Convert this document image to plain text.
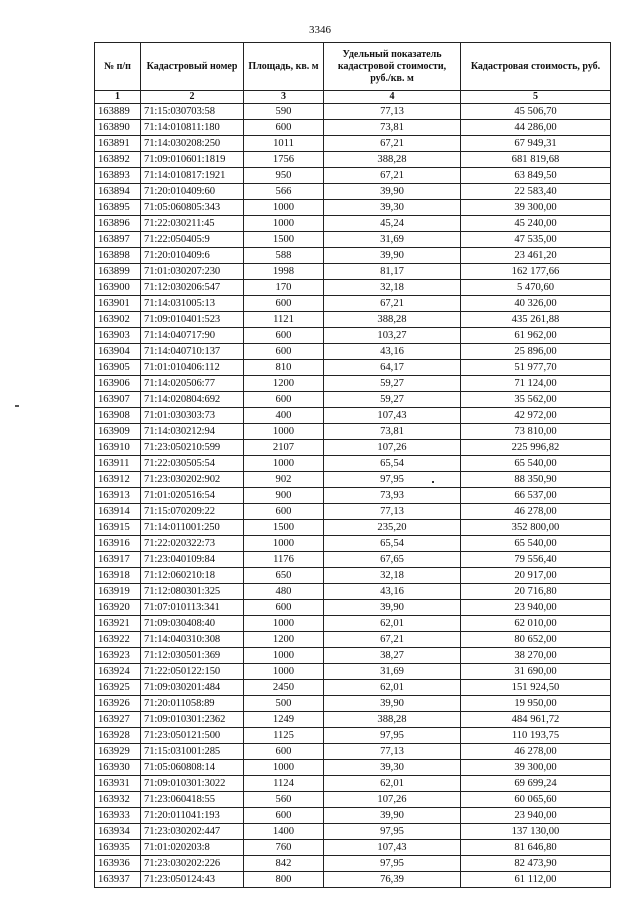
3346
№ п/п	Кадастровый номер	Площадь, кв. м	Удельный показатель кадастровой стоимости, руб./кв. м	Кадастровая стоимость, руб.
1	2	3	4	5
163889	71:15:030703:58	590	77,13	45 506,70
163890	71:14:010811:180	600	73,81	44 286,00
163891	71:14:030208:250	1011	67,21	67 949,31
163892	71:09:010601:1819	1756	388,28	681 819,68
163893	71:14:010817:1921	950	67,21	63 849,50
163894	71:20:010409:60	566	39,90	22 583,40
163895	71:05:060805:343	1000	39,30	39 300,00
163896	71:22:030211:45	1000	45,24	45 240,00
163897	71:22:050405:9	1500	31,69	47 535,00
163898	71:20:010409:6	588	39,90	23 461,20
163899	71:01:030207:230	1998	81,17	162 177,66
163900	71:12:030206:547	170	32,18	5 470,60
163901	71:14:031005:13	600	67,21	40 326,00
163902	71:09:010401:523	1121	388,28	435 261,88
163903	71:14:040717:90	600	103,27	61 962,00
163904	71:14:040710:137	600	43,16	25 896,00
163905	71:01:010406:112	810	64,17	51 977,70
163906	71:14:020506:77	1200	59,27	71 124,00
163907	71:14:020804:692	600	59,27	35 562,00
163908	71:01:030303:73	400	107,43	42 972,00
163909	71:14:030212:94	1000	73,81	73 810,00
163910	71:23:050210:599	2107	107,26	225 996,82
163911	71:22:030505:54	1000	65,54	65 540,00
163912	71:23:030202:902	902	97,95	88 350,90
163913	71:01:020516:54	900	73,93	66 537,00
163914	71:15:070209:22	600	77,13	46 278,00
163915	71:14:011001:250	1500	235,20	352 800,00
163916	71:22:020322:73	1000	65,54	65 540,00
163917	71:23:040109:84	1176	67,65	79 556,40
163918	71:12:060210:18	650	32,18	20 917,00
163919	71:12:080301:325	480	43,16	20 716,80
163920	71:07:010113:341	600	39,90	23 940,00
163921	71:09:030408:40	1000	62,01	62 010,00
163922	71:14:040310:308	1200	67,21	80 652,00
163923	71:12:030501:369	1000	38,27	38 270,00
163924	71:22:050122:150	1000	31,69	31 690,00
163925	71:09:030201:484	2450	62,01	151 924,50
163926	71:20:011058:89	500	39,90	19 950,00
163927	71:09:010301:2362	1249	388,28	484 961,72
163928	71:23:050121:500	1125	97,95	110 193,75
163929	71:15:031001:285	600	77,13	46 278,00
163930	71:05:060808:14	1000	39,30	39 300,00
163931	71:09:010301:3022	1124	62,01	69 699,24
163932	71:23:060418:55	560	107,26	60 065,60
163933	71:20:011041:193	600	39,90	23 940,00
163934	71:23:030202:447	1400	97,95	137 130,00
163935	71:01:020203:8	760	107,43	81 646,80
163936	71:23:030202:226	842	97,95	82 473,90
163937	71:23:050124:43	800	76,39	61 112,00
